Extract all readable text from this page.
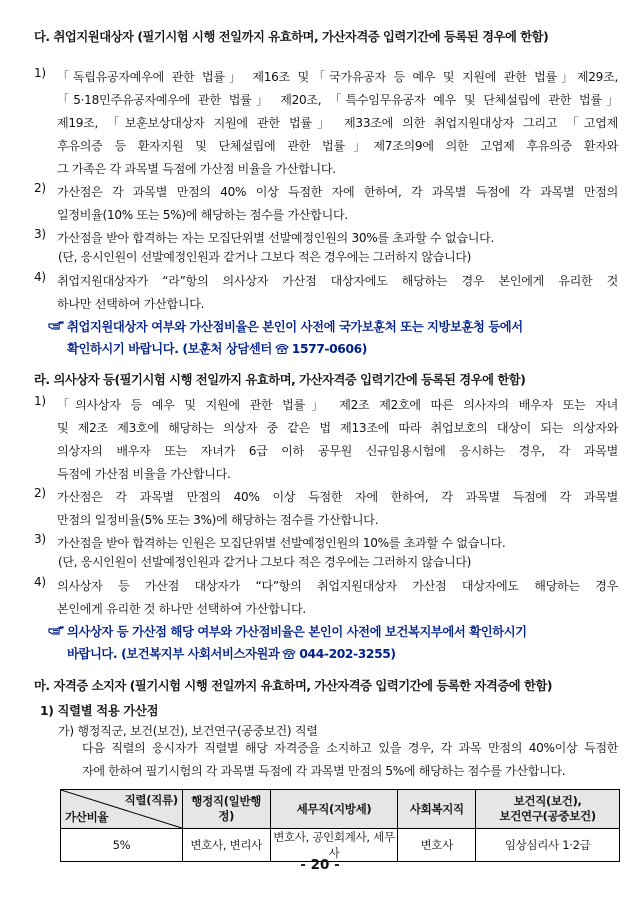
다. 취업지원대상자 (필기시험 시행 전일까지 유효하며, 가산자격증 입력기간에 등록된 경우에 한함)
1) 「독립유공자예우에 관한 법률」 제16조 및「국가유공자 등 예우 및 지원에 관한 법률」제29조,
「5·18민주유공자예우에 관한 법률」 제20조, 「특수임무유공자 예우 및 단체설립에 관한 법률」
제19조, 「보훈보상대상자 지원에 관한 법률」 제33조에 의한 취업지원대상자 그리고 「고엽제
후유의증 등 환자지원 및 단체설립에 관한 법률」제7조의9에 의한 고엽제 후유의증 환자와
그 가족은 각 과목별 득점에 가산점 비율을 가산합니다.
2) 가산점은 각 과목별 만점의 40% 이상 득점한 자에 한하여, 각 과목별 득점에 각 과목별 만점의
일정비율(10% 또는 5%)에 해당하는 점수를 가산합니다.
3) 가산점을 받아 합격하는 자는 모집단위별 선발예정인원의 30%를 초과할 수 없습니다.
(단, 응시인원이 선발예정인원과 같거나 그보다 적은 경우에는 그러하지 않습니다)
4) 취업지원대상자가 “라”항의 의사상자 가산점 대상자에도 해당하는 경우 본인에게 유리한 것
하나만 선택하여 가산합니다.
취업지원대상자 여부와 가산점비율은 본인이 사전에 국가보훈처 또는 지방보훈청 등에서
확인하시기 바랍니다. (보훈처 상담센터 1577-0606)
라. 의사상자 등(필기시험 시행 전일까지 유효하며, 가산자격증 입력기간에 등록된 경우에 한함)
1) 「의사상자 등 예우 및 지원에 관한 법률」 제2조 제2호에 따른 의사자의 배우자 또는 자녀
및 제2조 제3호에 해당하는 의상자 중 같은 법 제13조에 따라 취업보호의 대상이 되는 의상자와
의상자의 배우자 또는 자녀가 6급 이하 공무원 신규임용시험에 응시하는 경우, 각 과목별
득점에 가산점 비율을 가산합니다.
2) 가산점은 각 과목별 만점의 40% 이상 득점한 자에 한하여, 각 과목별 득점에 각 과목별
만점의 일정비율(5% 또는 3%)에 해당하는 점수를 가산합니다.
3) 가산점을 받아 합격하는 인원은 모집단위별 선발예정인원의 10%를 초과할 수 없습니다.
(단, 응시인원이 선발예정인원과 같거나 그보다 적은 경우에는 그러하지 않습니다)
4) 의사상자 등 가산점 대상자가 “다”항의 취업지원대상자 가산점 대상자에도 해당하는 경우
본인에게 유리한 것 하나만 선택하여 가산합니다.
의사상자 등 가산점 해당 여부와 가산점비율은 본인이 사전에 보건복지부에서 확인하시기
바랍니다. (보건복지부 사회서비스자원과 044-202-3255)
마. 자격증 소지자 (필기시험 시행 전일까지 유효하며, 가산자격증 입력기간에 등록한 자격증에 한함)
1) 직렬별 적용 가산점
가) 행정직군, 보건(보건), 보건연구(공중보건) 직렬
다음 직렬의 응시자가 직렬별 해당 자격증을 소지하고 있을 경우, 각 과목 만점의 40%이상 득점한
자에 한하여 필기시험의 각 과목별 득점에 각 과목별 만점의 5%에 해당하는 점수를 가산합니다.
직렬(직류)
가산비율	행정직(일반행정)	세무직(지방세)	사회복지직	보건직(보건),
보건연구(공중보건)
5%	변호사, 변리사	변호사, 공인회계사, 세무사	변호사	임상심리사 1·2급
- 20 -
